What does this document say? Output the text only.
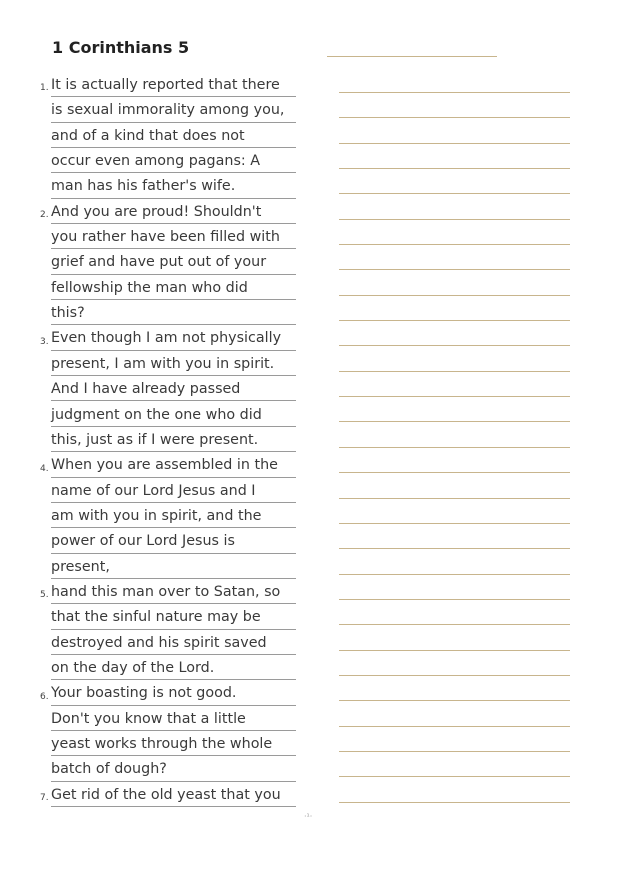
1 Corinthians 5
1. It is actually reported that there
is sexual immorality among you,
and of a kind that does not
occur even among pagans: A
man has his father's wife.
2. And you are proud! Shouldn't
you rather have been filled with
grief and have put out of your
fellowship the man who did
this?
3. Even though I am not physically
present, I am with you in spirit.
And I have already passed
judgment on the one who did
this, just as if I were present.
4. When you are assembled in the
name of our Lord Jesus and I
am with you in spirit, and the
power of our Lord Jesus is
present,
5. hand this man over to Satan, so
that the sinful nature may be
destroyed and his spirit saved
on the day of the Lord.
6. Your boasting is not good.
Don't you know that a little
yeast works through the whole
batch of dough?
7. Get rid of the old yeast that you
·¹·
